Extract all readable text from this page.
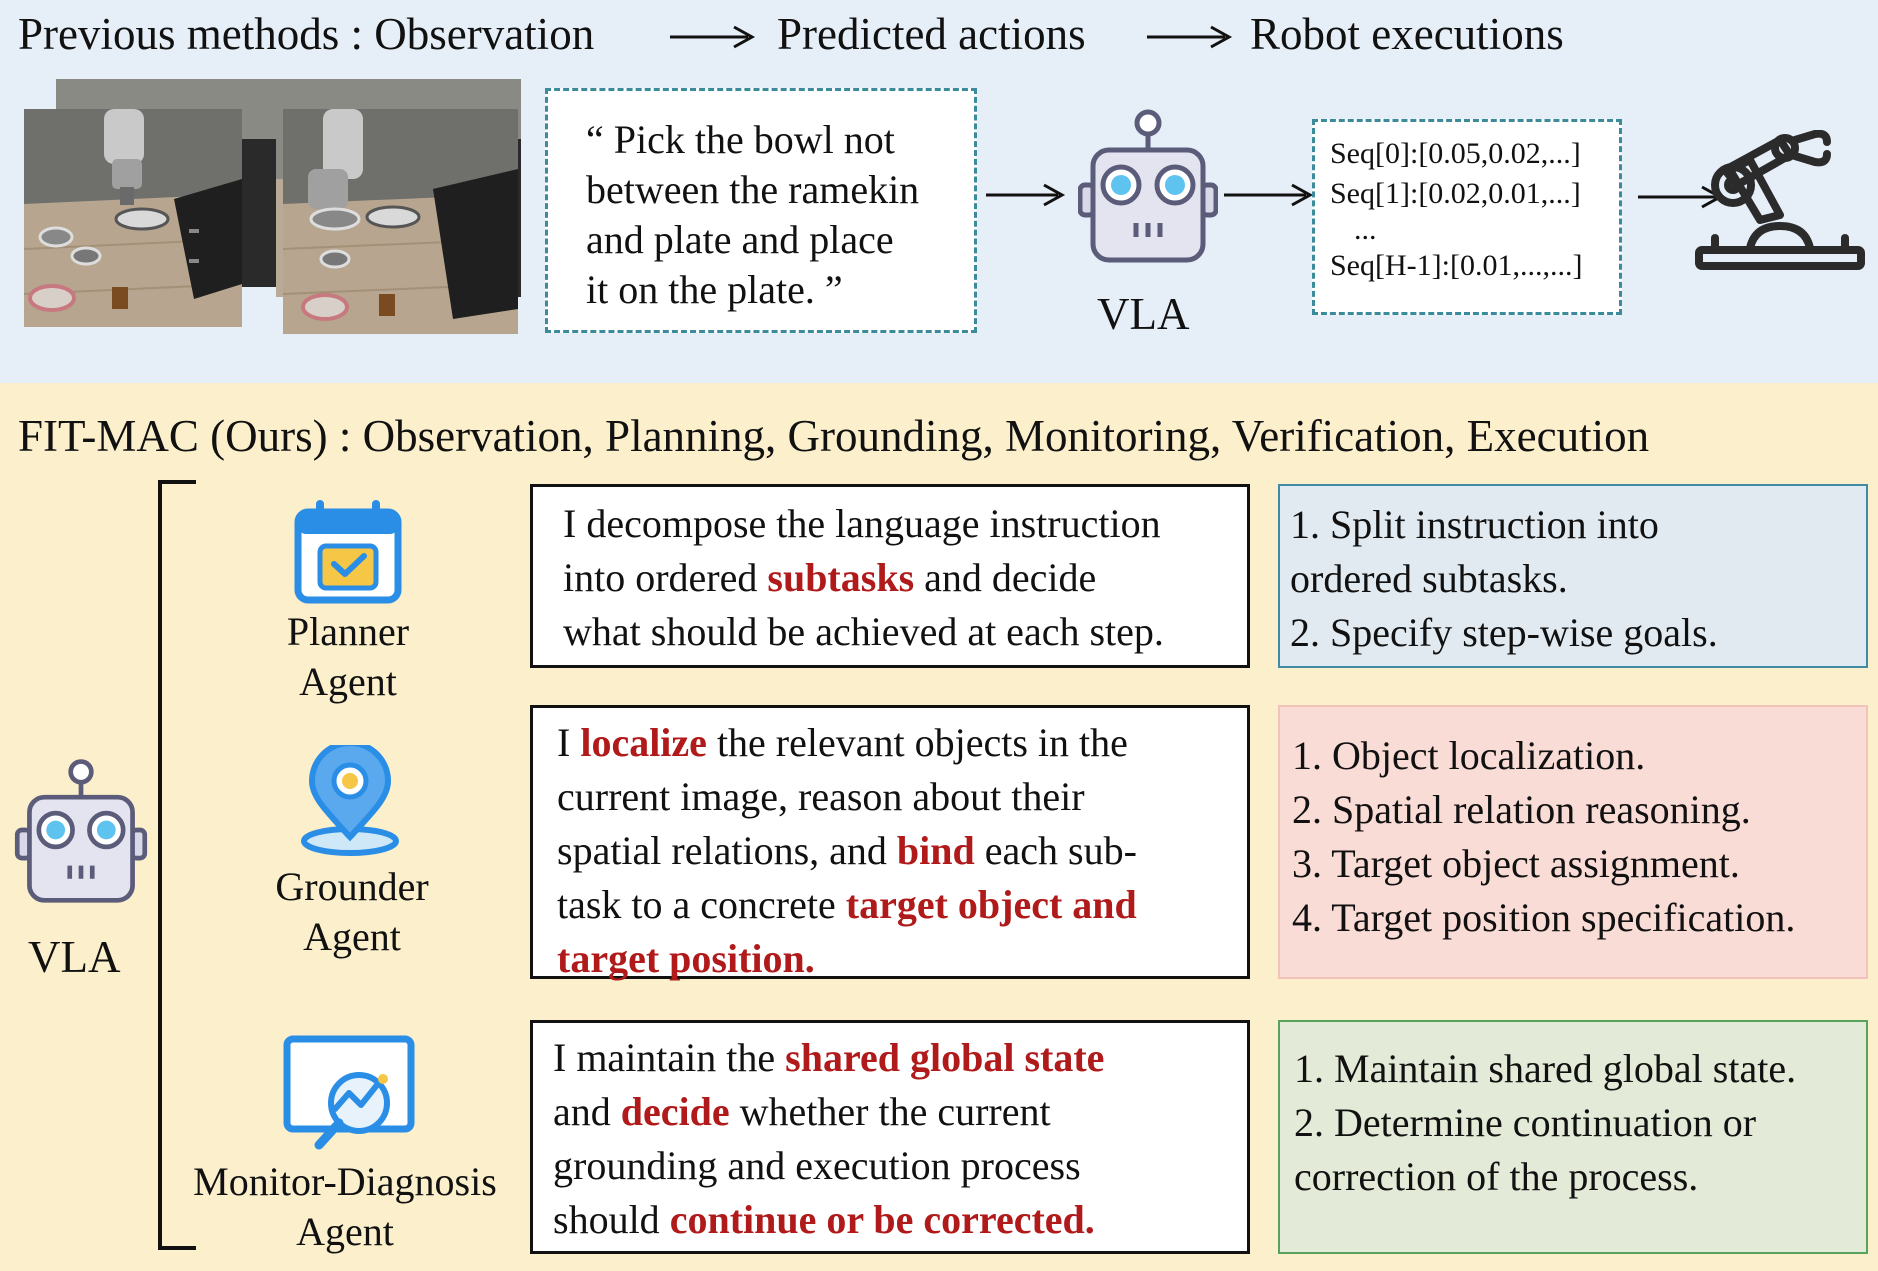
Previous methods : Observation	Predicted actions	Robot executions
“ Pick the bowl not
between the ramekin
and plate and place
it on the plate. ”	VLA
Seq[0]:[0.05,0.02,...]
Seq[1]:[0.02,0.01,...]
...
Seq[H-1]:[0.01,...,...]
FIT-MAC (Ours) : Observation, Planning, Grounding, Monitoring, Verification, Execution
VLA
Planner
Agent
Grounder
Agent
Monitor-Diagnosis
Agent
I decompose the language instruction
into ordered subtasks and decide
what should be achieved at each step.
I localize the relevant objects in the
current image, reason about their
spatial relations, and bind each sub-
task to a concrete target object and
target position.
I maintain the shared global state
and decide whether the current
grounding and execution process
should continue or be corrected.
1. Split instruction into
ordered subtasks.
2. Specify step-wise goals.
1. Object localization.
2. Spatial relation reasoning.
3. Target object assignment.
4. Target position specification.
1. Maintain shared global state.
2. Determine continuation or
correction of the process.
